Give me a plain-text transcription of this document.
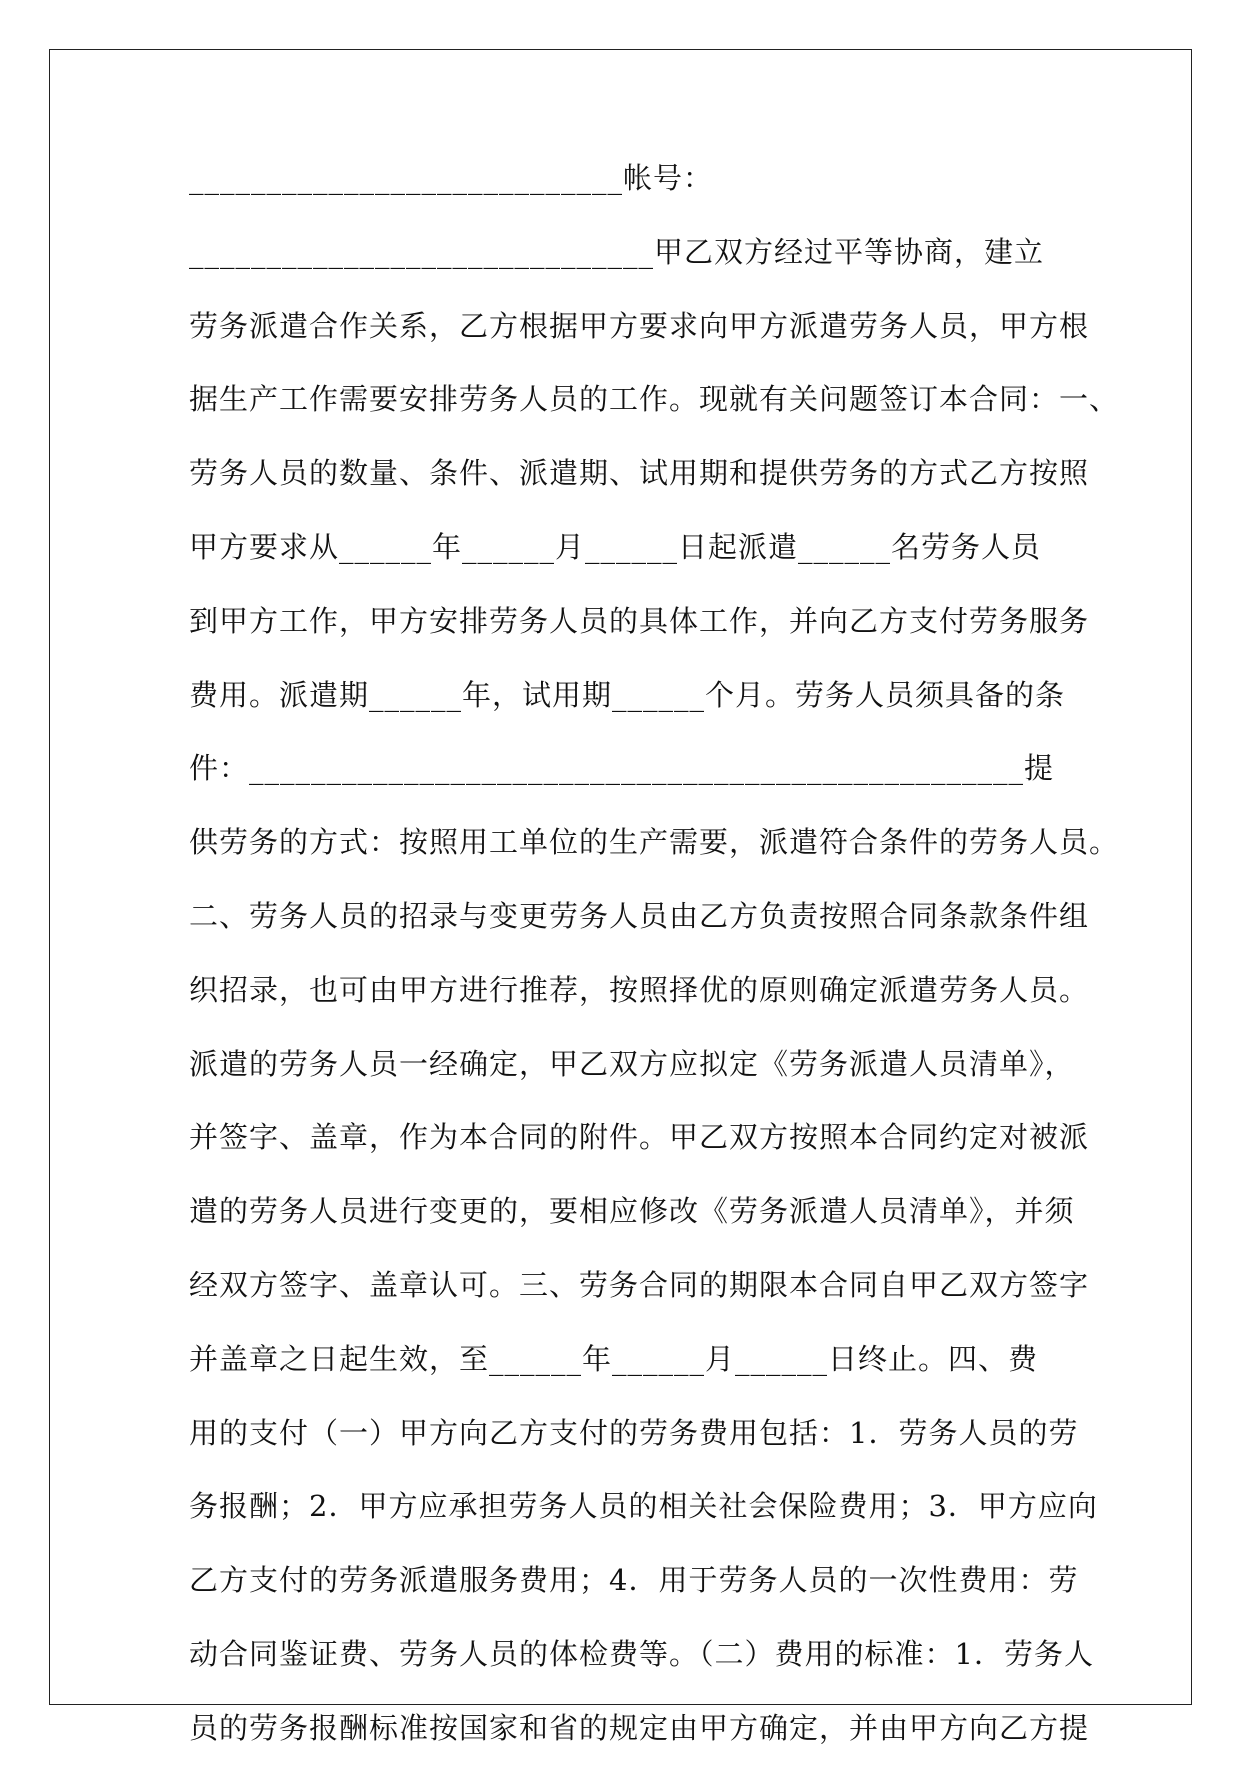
____________________________帐号：
______________________________甲乙双方经过平等协商，建立
劳务派遣合作关系，乙方根据甲方要求向甲方派遣劳务人员，甲方根
据生产工作需要安排劳务人员的工作。现就有关问题签订本合同：一、
劳务人员的数量、条件、派遣期、试用期和提供劳务的方式乙方按照
甲方要求从______年______月______日起派遣______名劳务人员
到甲方工作，甲方安排劳务人员的具体工作，并向乙方支付劳务服务
费用。派遣期______年，试用期______个月。劳务人员须具备的条
件：__________________________________________________提
供劳务的方式：按照用工单位的生产需要，派遣符合条件的劳务人员。
二、劳务人员的招录与变更劳务人员由乙方负责按照合同条款条件组
织招录，也可由甲方进行推荐，按照择优的原则确定派遣劳务人员。
派遣的劳务人员一经确定，甲乙双方应拟定《劳务派遣人员清单》，
并签字、盖章，作为本合同的附件。甲乙双方按照本合同约定对被派
遣的劳务人员进行变更的，要相应修改《劳务派遣人员清单》，并须
经双方签字、盖章认可。三、劳务合同的期限本合同自甲乙双方签字
并盖章之日起生效，至______年______月______日终止。四、费
用的支付（一）甲方向乙方支付的劳务费用包括：1．劳务人员的劳
务报酬；2．甲方应承担劳务人员的相关社会保险费用；3．甲方应向
乙方支付的劳务派遣服务费用；4．用于劳务人员的一次性费用：劳
动合同鉴证费、劳务人员的体检费等。（二）费用的标准：1．劳务人
员的劳务报酬标准按国家和省的规定由甲方确定，并由甲方向乙方提
